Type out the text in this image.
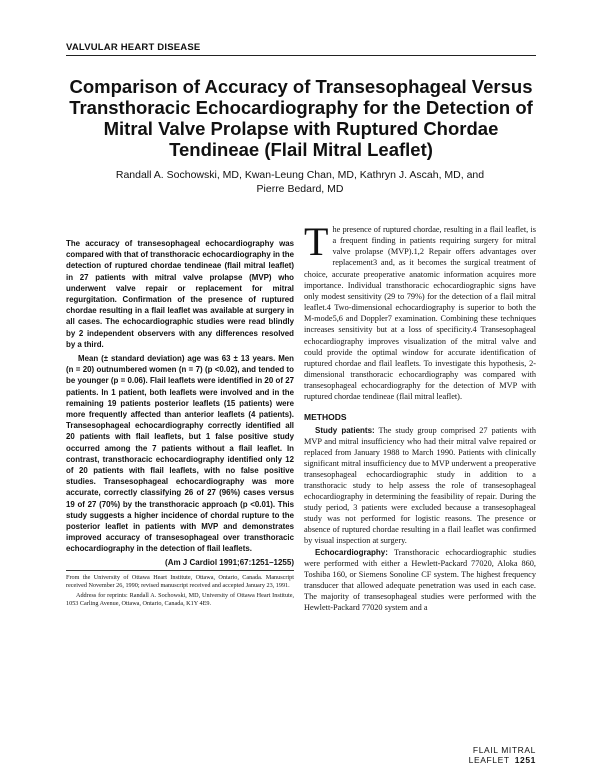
VALVULAR HEART DISEASE
Comparison of Accuracy of Transesophageal Versus Transthoracic Echocardiography for the Detection of Mitral Valve Prolapse with Ruptured Chordae Tendineae (Flail Mitral Leaflet)
Randall A. Sochowski, MD, Kwan-Leung Chan, MD, Kathryn J. Ascah, MD, and Pierre Bedard, MD

The accuracy of transesophageal echocardiography was compared with that of transthoracic echocardiography in the detection of ruptured chordae tendineae (flail mitral leaflet) in 27 patients with mitral valve prolapse (MVP) who underwent valve repair or replacement for mitral regurgitation. Confirmation of the presence of ruptured chordae resulting in a flail leaflet was available at surgery in all cases. The echocardiographic studies were read blindly by 2 independent observers with any differences resolved by a third.

Mean (± standard deviation) age was 63 ± 13 years. Men (n = 20) outnumbered women (n = 7) (p <0.02), and tended to be younger (p = 0.06). Flail leaflets were identified in 20 of 27 patients. In 1 patient, both leaflets were involved and in the remaining 19 patients posterior leaflets (15 patients) were more frequently affected than anterior leaflets (4 patients). Transesophageal echocardiography correctly identified all 20 patients with flail leaflets, but 1 false positive study occurred among the 7 patients without a flail leaflet. In contrast, transthoracic echocardiography identified only 12 of 20 patients with flail leaflets, with no false positive studies. Transesophageal echocardiography was more accurate, correctly classifying 26 of 27 (96%) cases versus 19 of 27 (70%) by the transthoracic approach (p <0.01). This study suggests a higher incidence of chordal rupture to the posterior leaflet in patients with MVP and demonstrates improved accuracy of transesophageal over transthoracic echocardiography in the detection of flail leaflets.

(Am J Cardiol 1991;67:1251–1255)

From the University of Ottawa Heart Institute, Ottawa, Ontario, Canada. Manuscript received November 26, 1990; revised manuscript received and accepted January 23, 1991.

Address for reprints: Randall A. Sochowski, MD, University of Ottawa Heart Institute, 1053 Carling Avenue, Ottawa, Ontario, Canada, K1Y 4E9.

The presence of ruptured chordae, resulting in a flail leaflet, is a frequent finding in patients requiring surgery for mitral valve prolapse (MVP).1,2 Repair offers advantages over replacement3 and, as it becomes the surgical treatment of choice, accurate preoperative anatomic information acquires more importance. Individual transthoracic echocardiographic signs have only modest sensitivity (29 to 79%) for the detection of a flail mitral leaflet.4 Two-dimensional echocardiography is superior to both the M-mode5,6 and Doppler7 examination. Combining these techniques increases sensitivity but at a loss of specificity.4 Transesophageal echocardiography improves visualization of the mitral valve and could provide the optimal window for accurate identification of ruptured chordae and flail leaflets. To investigate this hypothesis, 2-dimensional transthoracic echocardiography was compared with transesophageal echocardiography for the detection of MVP with ruptured chordae tendineae (flail mitral leaflet).

METHODS

Study patients: The study group comprised 27 patients with MVP and mitral insufficiency who had their mitral valve repaired or replaced from January 1988 to March 1990. Patients with clinically significant mitral insufficiency due to MVP underwent a preoperative transesophageal echocardiographic study in addition to a transthoracic study to help assess the role of transesophageal echocardiography in determining the feasibility of repair. During the study period, 3 patients were excluded because a transesophageal study was not performed for logistic reasons. The presence or absence of ruptured chordae resulting in a flail leaflet was confirmed by visual inspection at surgery.

Echocardiography: Transthoracic echocardiographic studies were performed with either a Hewlett-Packard 77020, Aloka 860, Toshiba 160, or Siemens Sonoline CF system. The highest frequency transducer that allowed adequate penetration was used in each case. The majority of transesophageal studies were performed with the Hewlett-Packard 77020 system and a

FLAIL MITRAL LEAFLET 1251
